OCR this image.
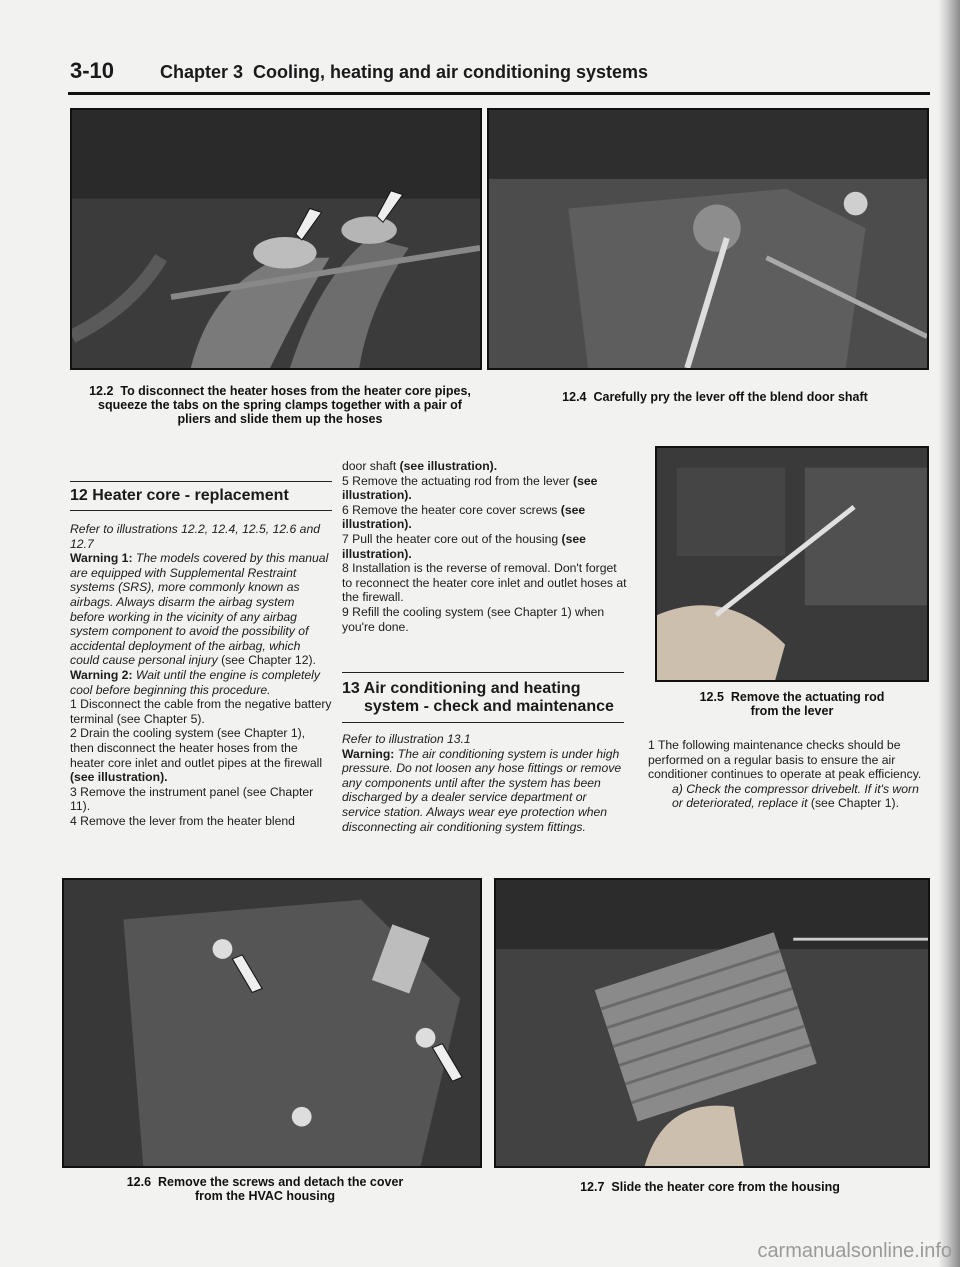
3-10	Chapter 3  Cooling, heating and air conditioning systems
12.2 To disconnect the heater hoses from the heater core pipes,
squeeze the tabs on the spring clamps together with a pair of
pliers and slide them up the hoses
12.4 Carefully pry the lever off the blend door shaft
12 Heater core - replacement

Refer to illustrations 12.2, 12.4, 12.5, 12.6 and 12.7

Warning 1: The models covered by this manual are equipped with Supplemental Restraint systems (SRS), more commonly known as airbags. Always disarm the airbag system before working in the vicinity of any airbag system component to avoid the possibility of accidental deployment of the airbag, which could cause personal injury (see Chapter 12).

Warning 2: Wait until the engine is completely cool before beginning this procedure.

1 Disconnect the cable from the negative battery terminal (see Chapter 5).

2 Drain the cooling system (see Chapter 1), then disconnect the heater hoses from the heater core inlet and outlet pipes at the firewall (see illustration).

3 Remove the instrument panel (see Chapter 11).

4 Remove the lever from the heater blend

door shaft (see illustration).

5 Remove the actuating rod from the lever (see illustration).

6 Remove the heater core cover screws (see illustration).

7 Pull the heater core out of the housing (see illustration).

8 Installation is the reverse of removal. Don't forget to reconnect the heater core inlet and outlet hoses at the firewall.

9 Refill the cooling system (see Chapter 1) when you're done.

13 Air conditioning and heating
system - check and maintenance

Refer to illustration 13.1

Warning: The air conditioning system is under high pressure. Do not loosen any hose fittings or remove any components until after the system has been discharged by a dealer service department or service station. Always wear eye protection when disconnecting air conditioning system fittings.

12.5 Remove the actuating rod
from the lever

1 The following maintenance checks should be performed on a regular basis to ensure the air conditioner continues to operate at peak efficiency.

a) Check the compressor drivebelt. If it's worn or deteriorated, replace it (see Chapter 1).

12.6 Remove the screws and detach the cover
from the HVAC housing
12.7 Slide the heater core from the housing
carmanualsonline.info
